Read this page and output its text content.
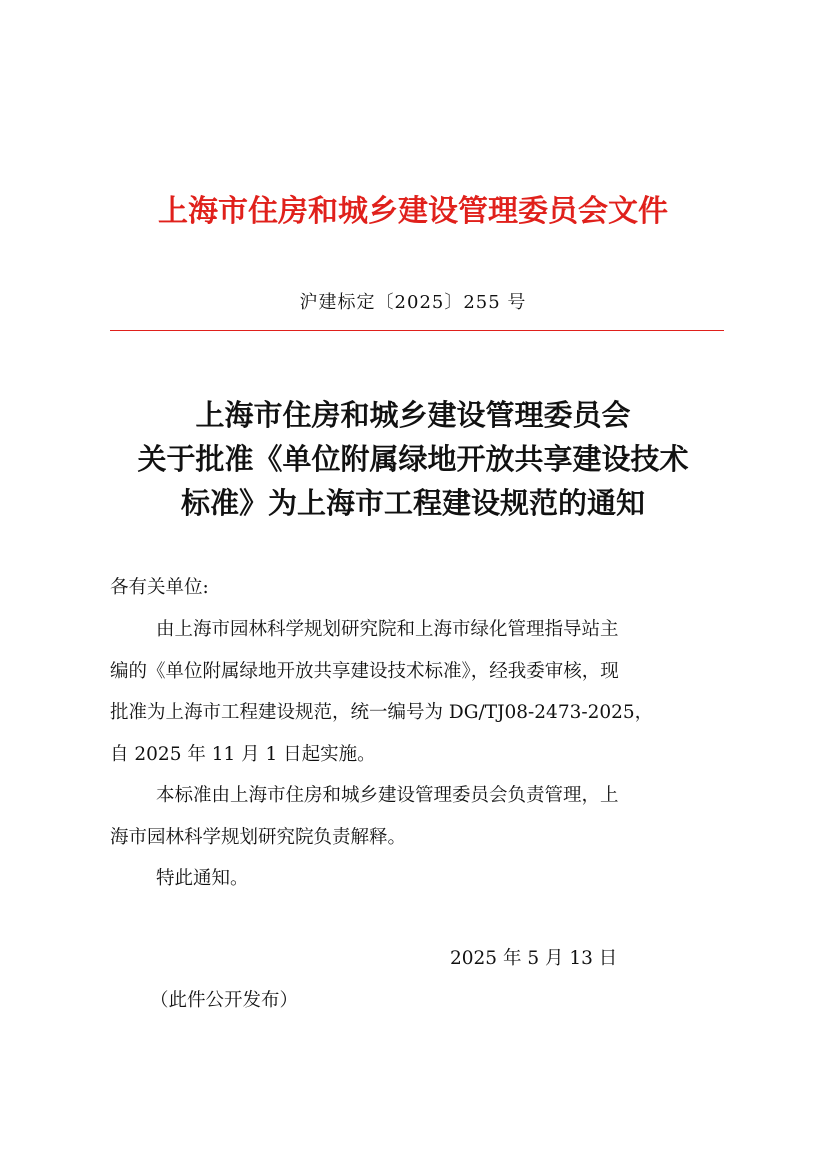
上海市住房和城乡建设管理委员会文件
沪建标定〔2025〕255 号
上海市住房和城乡建设管理委员会
关于批准《单位附属绿地开放共享建设技术
标准》为上海市工程建设规范的通知
各有关单位:
由上海市园林科学规划研究院和上海市绿化管理指导站主
编的《单位附属绿地开放共享建设技术标准》，经我委审核，现
批准为上海市工程建设规范，统一编号为 DG/TJ08-2473-2025，
自 2025 年 11 月 1 日起实施。
本标准由上海市住房和城乡建设管理委员会负责管理，上
海市园林科学规划研究院负责解释。
特此通知。
2025 年 5 月 13 日
（此件公开发布）
